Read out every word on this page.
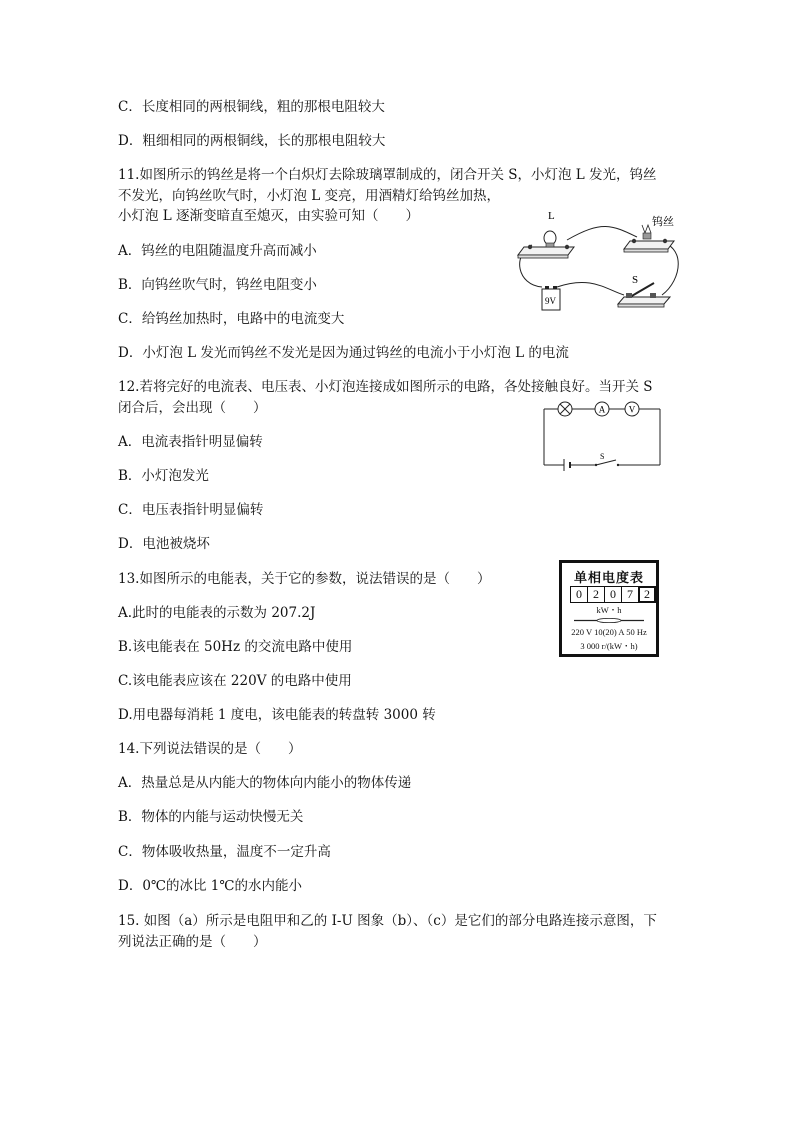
C．长度相同的两根铜线，粗的那根电阻较大
D．粗细相同的两根铜线，长的那根电阻较大
11.如图所示的钨丝是将一个白炽灯去除玻璃罩制成的，闭合开关 S，小灯泡 L 发光，钨丝
不发光，向钨丝吹气时，小灯泡 L 变亮，用酒精灯给钨丝加热，
小灯泡 L 逐渐变暗直至熄灭，由实验可知（　　）
A．钨丝的电阻随温度升高而减小
B．向钨丝吹气时，钨丝电阻变小
C．给钨丝加热时，电路中的电流变大
D．小灯泡 L 发光而钨丝不发光是因为通过钨丝的电流小于小灯泡 L 的电流
12.若将完好的电流表、电压表、小灯泡连接成如图所示的电路，各处接触良好。当开关 S
闭合后，会出现（　　）
A．电流表指针明显偏转
B．小灯泡发光
C．电压表指针明显偏转
D．电池被烧坏
13.如图所示的电能表，关于它的参数，说法错误的是（　　）
A.此时的电能表的示数为 207.2J
B.该电能表在 50Hz 的交流电路中使用
C.该电能表应该在 220V 的电路中使用
D.用电器每消耗 1 度电，该电能表的转盘转 3000 转
14.下列说法错误的是（　　）
A．热量总是从内能大的物体向内能小的物体传递
B．物体的内能与运动快慢无关
C．物体吸收热量，温度不一定升高
D．0℃的冰比 1℃的水内能小
15. 如图（a）所示是电阻甲和乙的 I-U 图象（b）、（c）是它们的部分电路连接示意图，下
列说法正确的是（　　）
L	钨丝
S
9V
A	V
S
单相电度表
0 2 0 7 2
kW・h
220 V 10(20) A 50 Hz
3 000 r/(kW・h)
